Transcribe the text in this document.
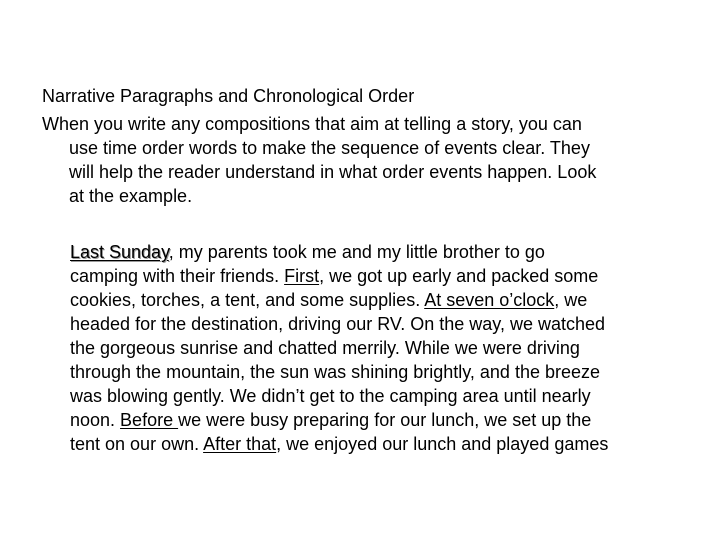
Narrative Paragraphs and Chronological Order
When you write any compositions that aim at telling a story, you can
use time order words to make the sequence of events clear. They
will help the reader understand in what order events happen. Look
at the example.
Last Sunday, my parents took me and my little brother to go
camping with their friends. First, we got up early and packed some
cookies, torches, a tent, and some supplies. At seven o’clock, we
headed for the destination, driving our RV. On the way, we watched
the gorgeous sunrise and chatted merrily. While we were driving
through the mountain, the sun was shining brightly, and the breeze
was blowing gently. We didn’t get to the camping area until nearly
noon. Before we were busy preparing for our lunch, we set up the
tent on our own. After that, we enjoyed our lunch and played games
